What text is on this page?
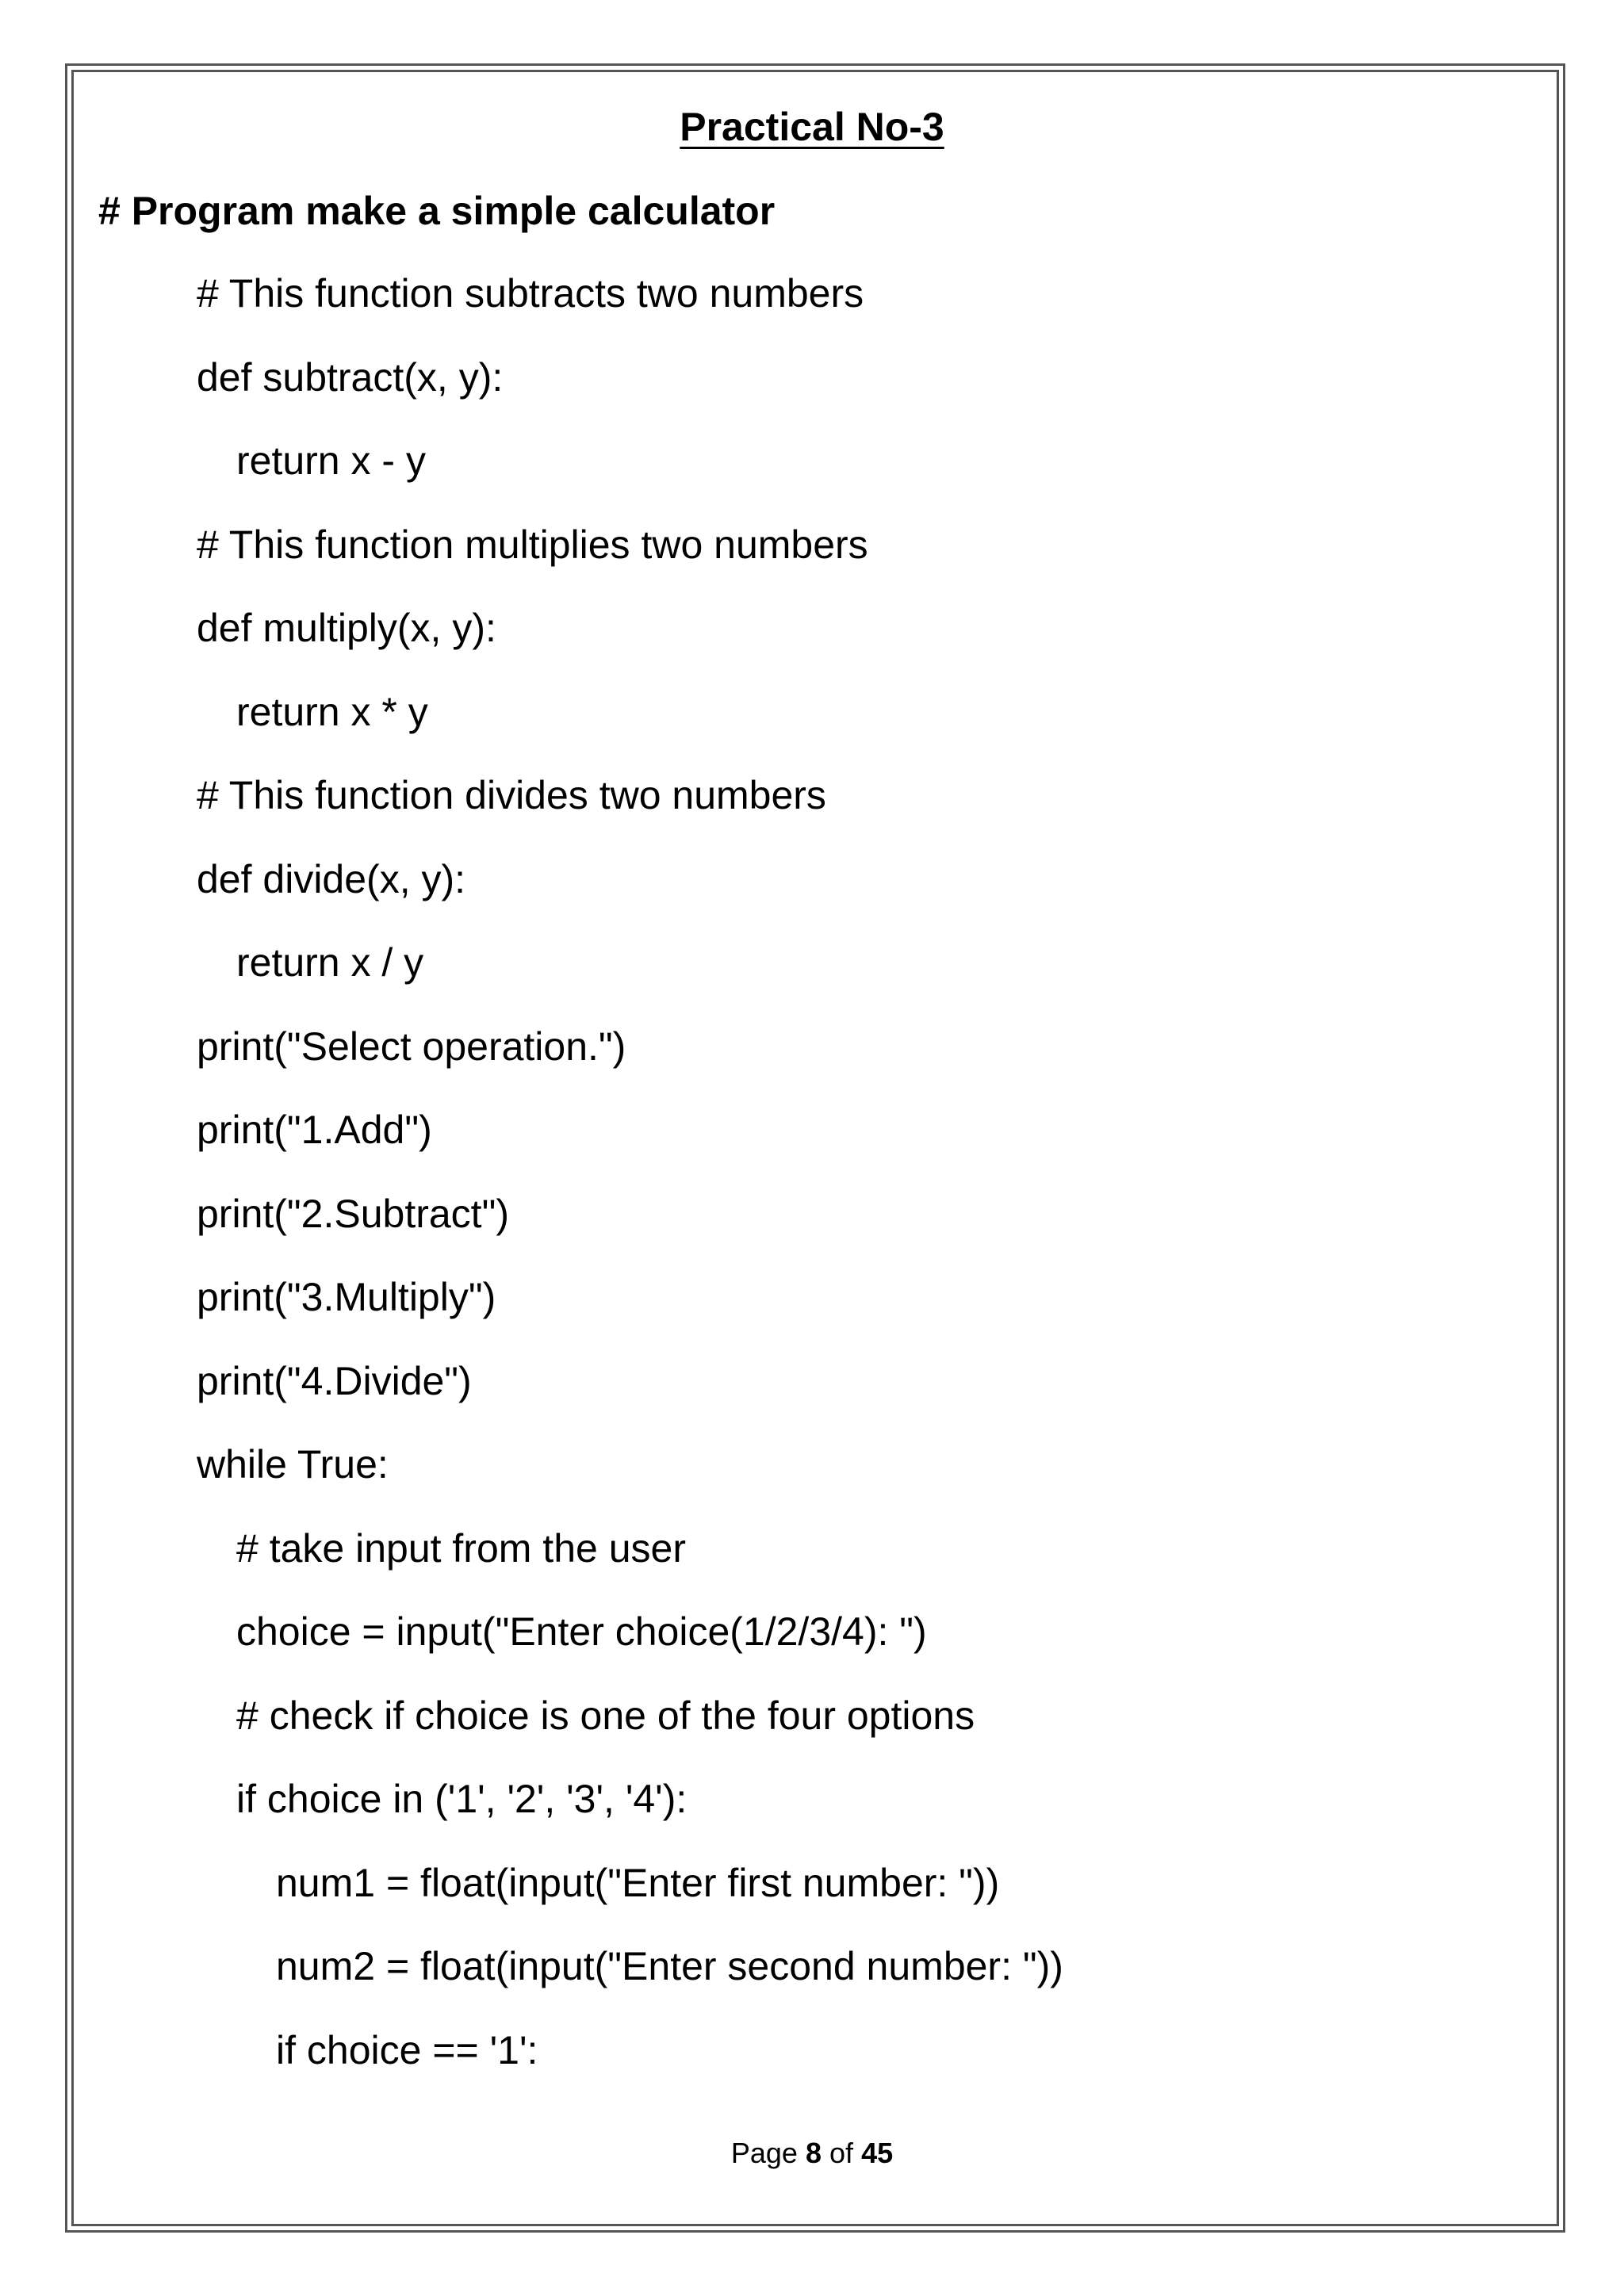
Practical No-3
# Program make a simple calculator
# This function subtracts two numbers
def subtract(x, y):
return x - y
# This function multiplies two numbers
def multiply(x, y):
return x * y
# This function divides two numbers
def divide(x, y):
return x / y
print("Select operation.")
print("1.Add")
print("2.Subtract")
print("3.Multiply")
print("4.Divide")
while True:
# take input from the user
choice = input("Enter choice(1/2/3/4): ")
# check if choice is one of the four options
if choice in ('1', '2', '3', '4'):
num1 = float(input("Enter first number: "))
num2 = float(input("Enter second number: "))
if choice == '1':
Page 8 of 45
